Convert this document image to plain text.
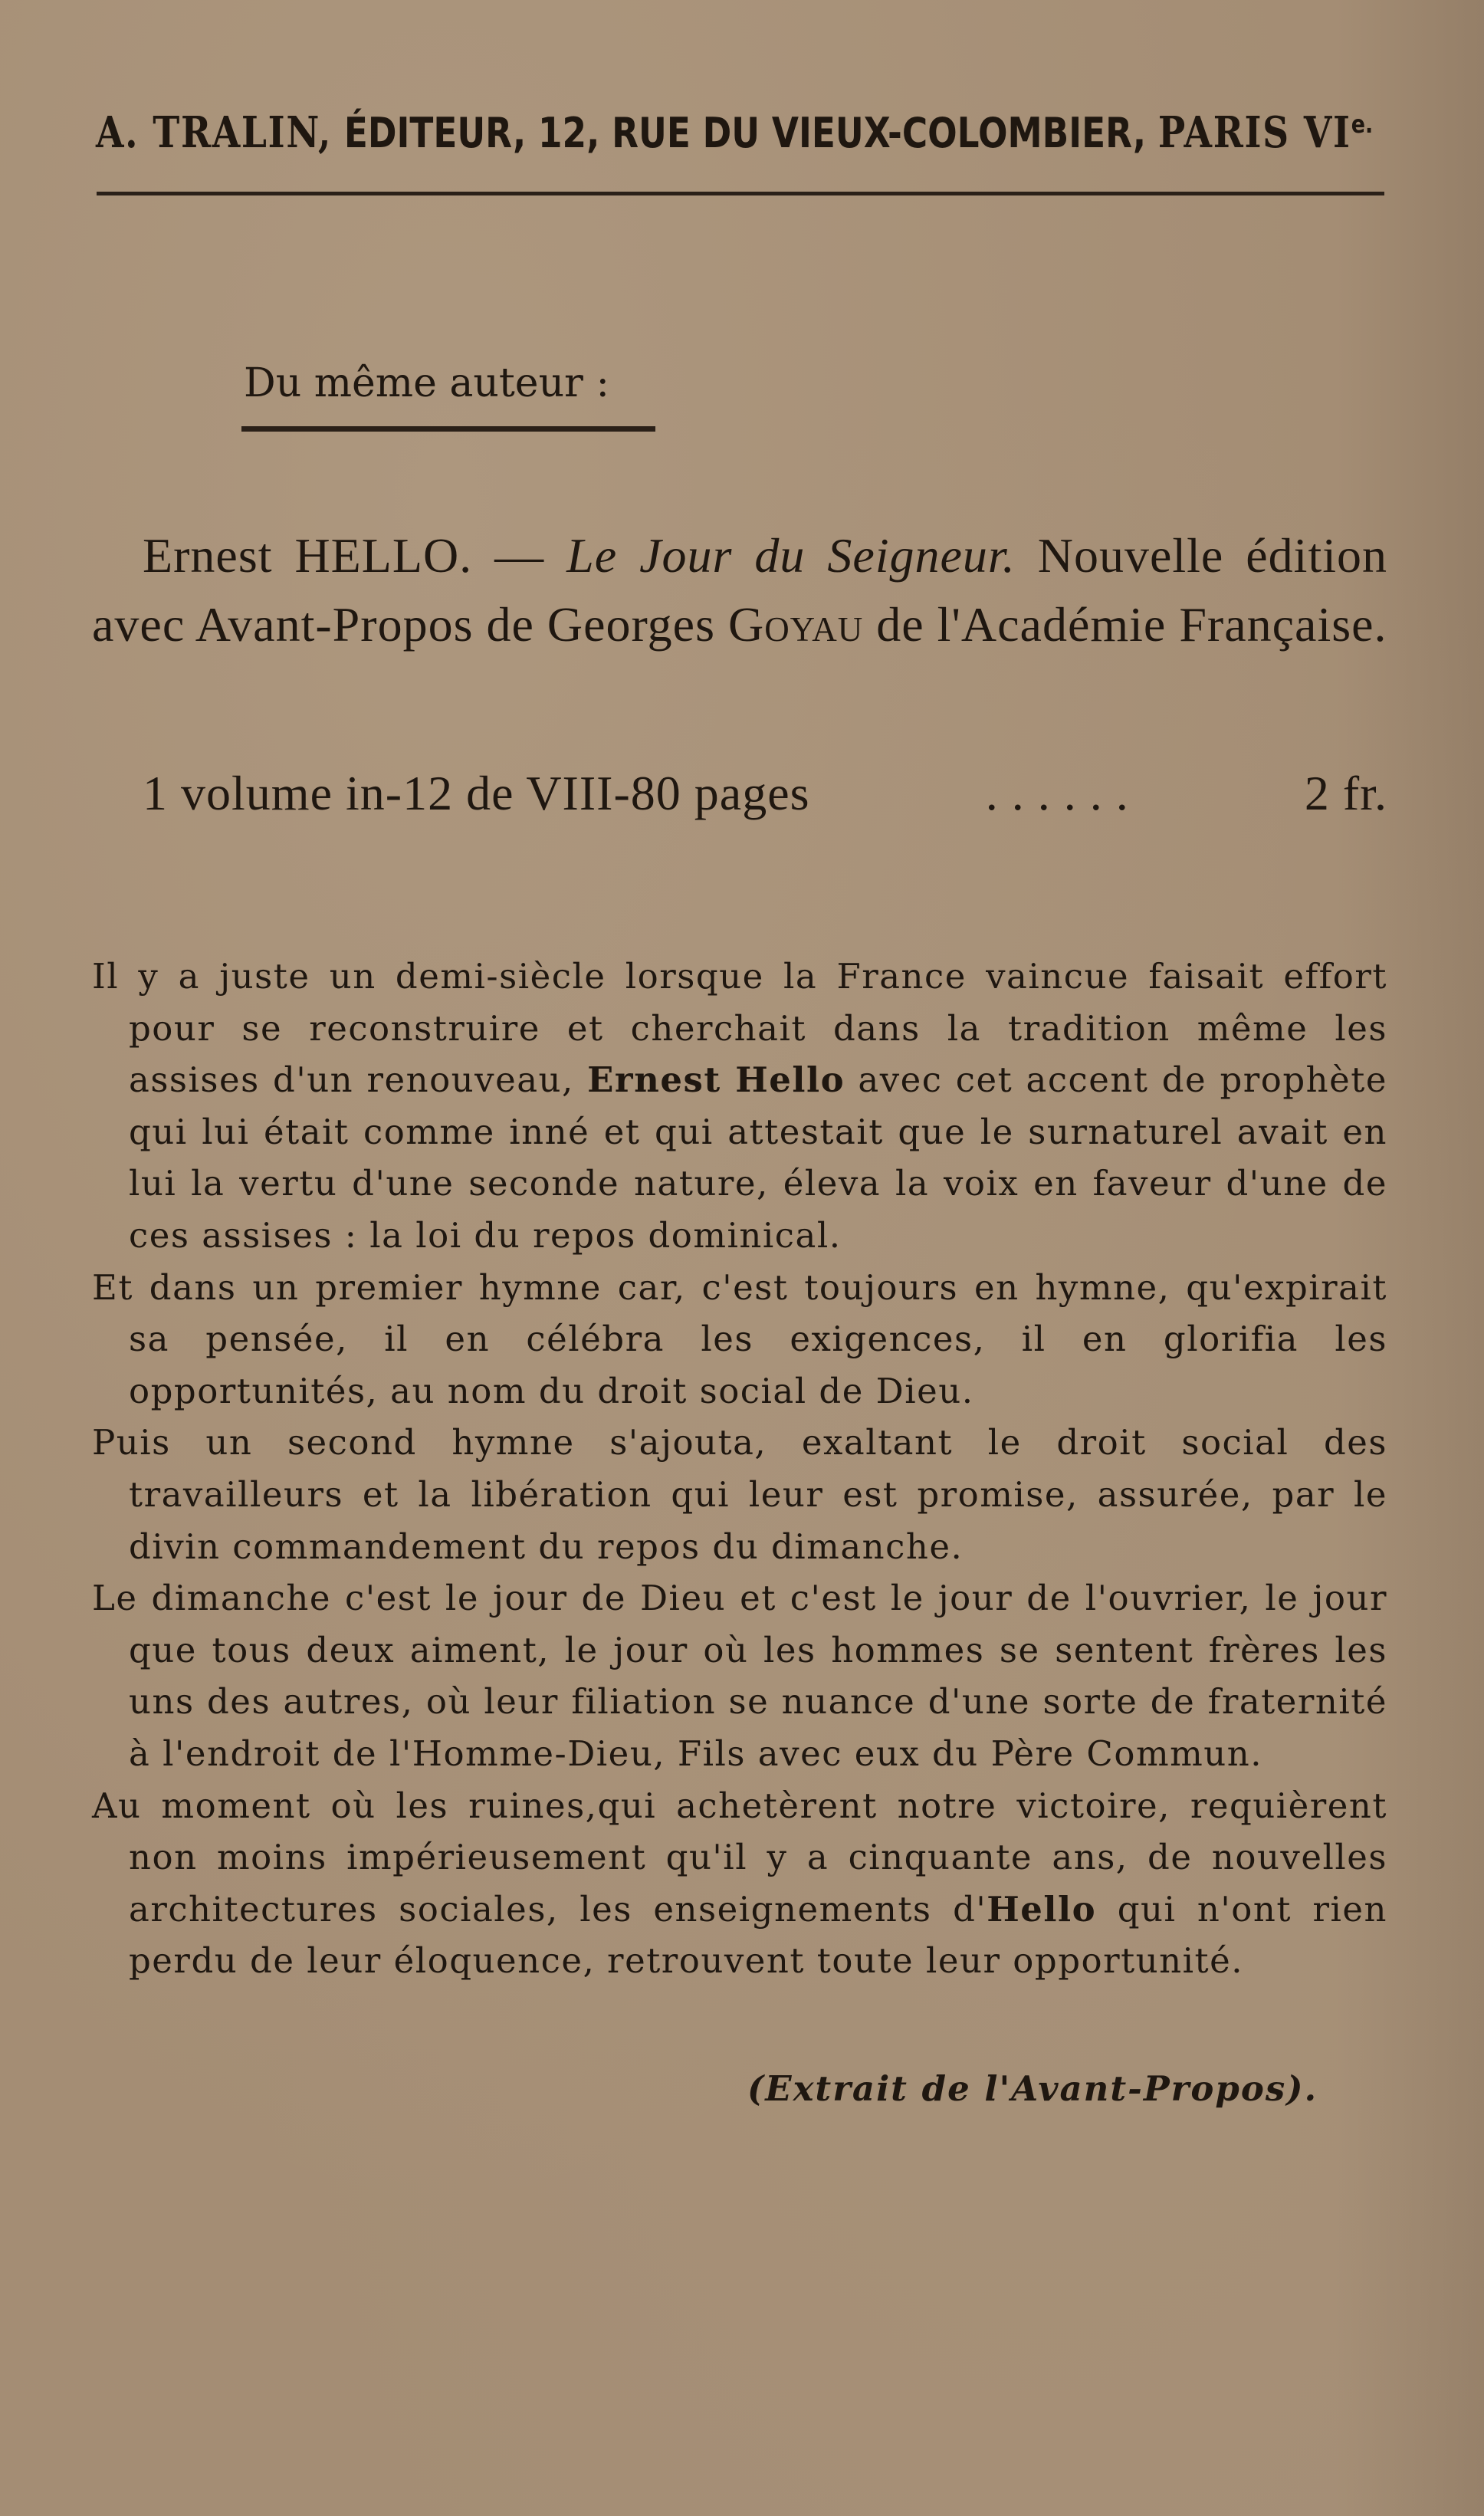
A. TRALIN, ÉDITEUR, 12, RUE DU VIEUX-COLOMBIER, PARIS $VI^{e.}$
Du même auteur :
Ernest HELLO. — Le Jour du Seigneur. Nouvelle édition avec Avant-Propos de Georges Goyau de l'Académie Française.
1 volume in-12 de VIII-80 pages	. . . . . .	2 fr.

Il y a juste un demi-siècle lorsque la France vaincue faisait effort pour se reconstruire et cherchait dans la tradition même les assises d'un renouveau, Ernest Hello avec cet accent de prophète qui lui était comme inné et qui attestait que le surnaturel avait en lui la vertu d'une seconde nature, éleva la voix en faveur d'une de ces assises : la loi du repos dominical.

Et dans un premier hymne car, c'est toujours en hymne, qu'expirait sa pensée, il en célébra les exigences, il en glorifia les opportunités, au nom du droit social de Dieu.

Puis un second hymne s'ajouta, exaltant le droit social des travailleurs et la libération qui leur est promise, assurée, par le divin commandement du repos du dimanche.

Le dimanche c'est le jour de Dieu et c'est le jour de l'ouvrier, le jour que tous deux aiment, le jour où les hommes se sentent frères les uns des autres, où leur filiation se nuance d'une sorte de fraternité à l'endroit de l'Homme-Dieu, Fils avec eux du Père Commun.

Au moment où les ruines,qui achetèrent notre victoire, requièrent non moins impérieusement qu'il y a cinquante ans, de nouvelles architectures sociales, les enseignements d'Hello qui n'ont rien perdu de leur éloquence, retrouvent toute leur opportunité.

(Extrait de l'Avant-Propos).
